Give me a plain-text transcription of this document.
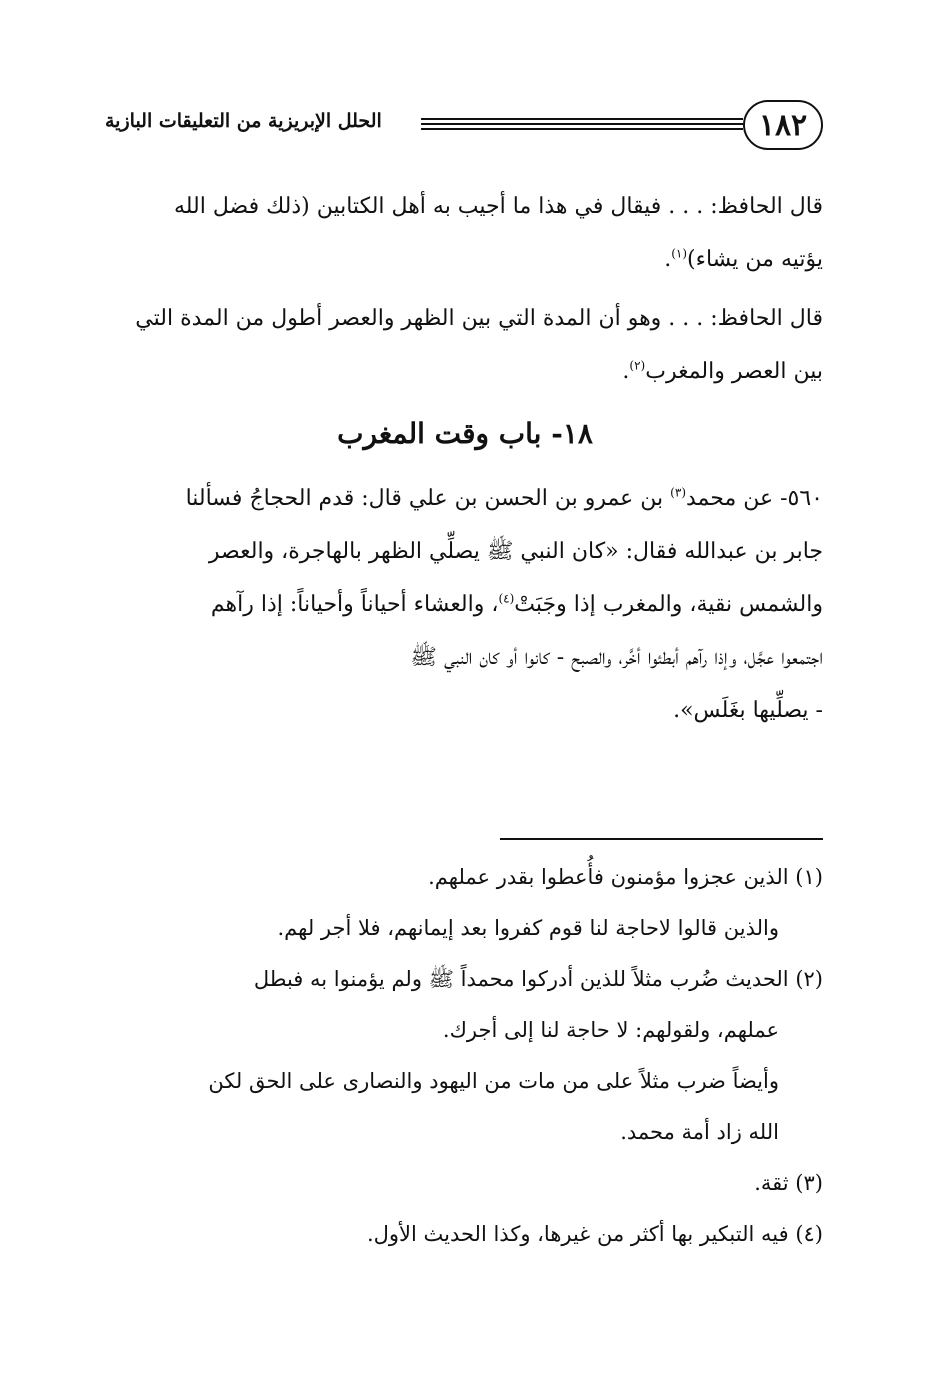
١٨٢
الحلل الإبريزية من التعليقات البازية
قال الحافظ: . . . فيقال في هذا ما أجيب به أهل الكتابين (ذلك فضل الله
يؤتيه من يشاء)$^{(١)}$.
قال الحافظ: . . . وهو أن المدة التي بين الظهر والعصر أطول من المدة التي
بين العصر والمغرب$^{(٢)}$.
١٨- باب وقت المغرب
٥٦٠- عن محمد$^{(٣)}$ بن عمرو بن الحسن بن علي قال: قدم الحجاجُ فسألنا
جابر بن عبدالله فقال: «كان النبي ﷺ يصلِّي الظهر بالهاجرة، والعصر
والشمس نقية، والمغرب إذا وجَبَتْ$^{(٤)}$، والعشاء أحياناً وأحياناً: إذا رآهم
اجتمعوا عجَّل، وإذا رآهم أبطئوا أخَّر، والصبح - كانوا أو كان النبي ﷺ
- يصلِّيها بغَلَس».
(١) الذين عجزوا مؤمنون فأُعطوا بقدر عملهم.
والذين قالوا لاحاجة لنا قوم كفروا بعد إيمانهم، فلا أجر لهم.
(٢) الحديث ضُرب مثلاً للذين أدركوا محمداً ﷺ ولم يؤمنوا به فبطل
عملهم، ولقولهم: لا حاجة لنا إلى أجرك.
وأيضاً ضرب مثلاً على من مات من اليهود والنصارى على الحق لكن
الله زاد أمة محمد.
(٣) ثقة.
(٤) فيه التبكير بها أكثر من غيرها، وكذا الحديث الأول.
